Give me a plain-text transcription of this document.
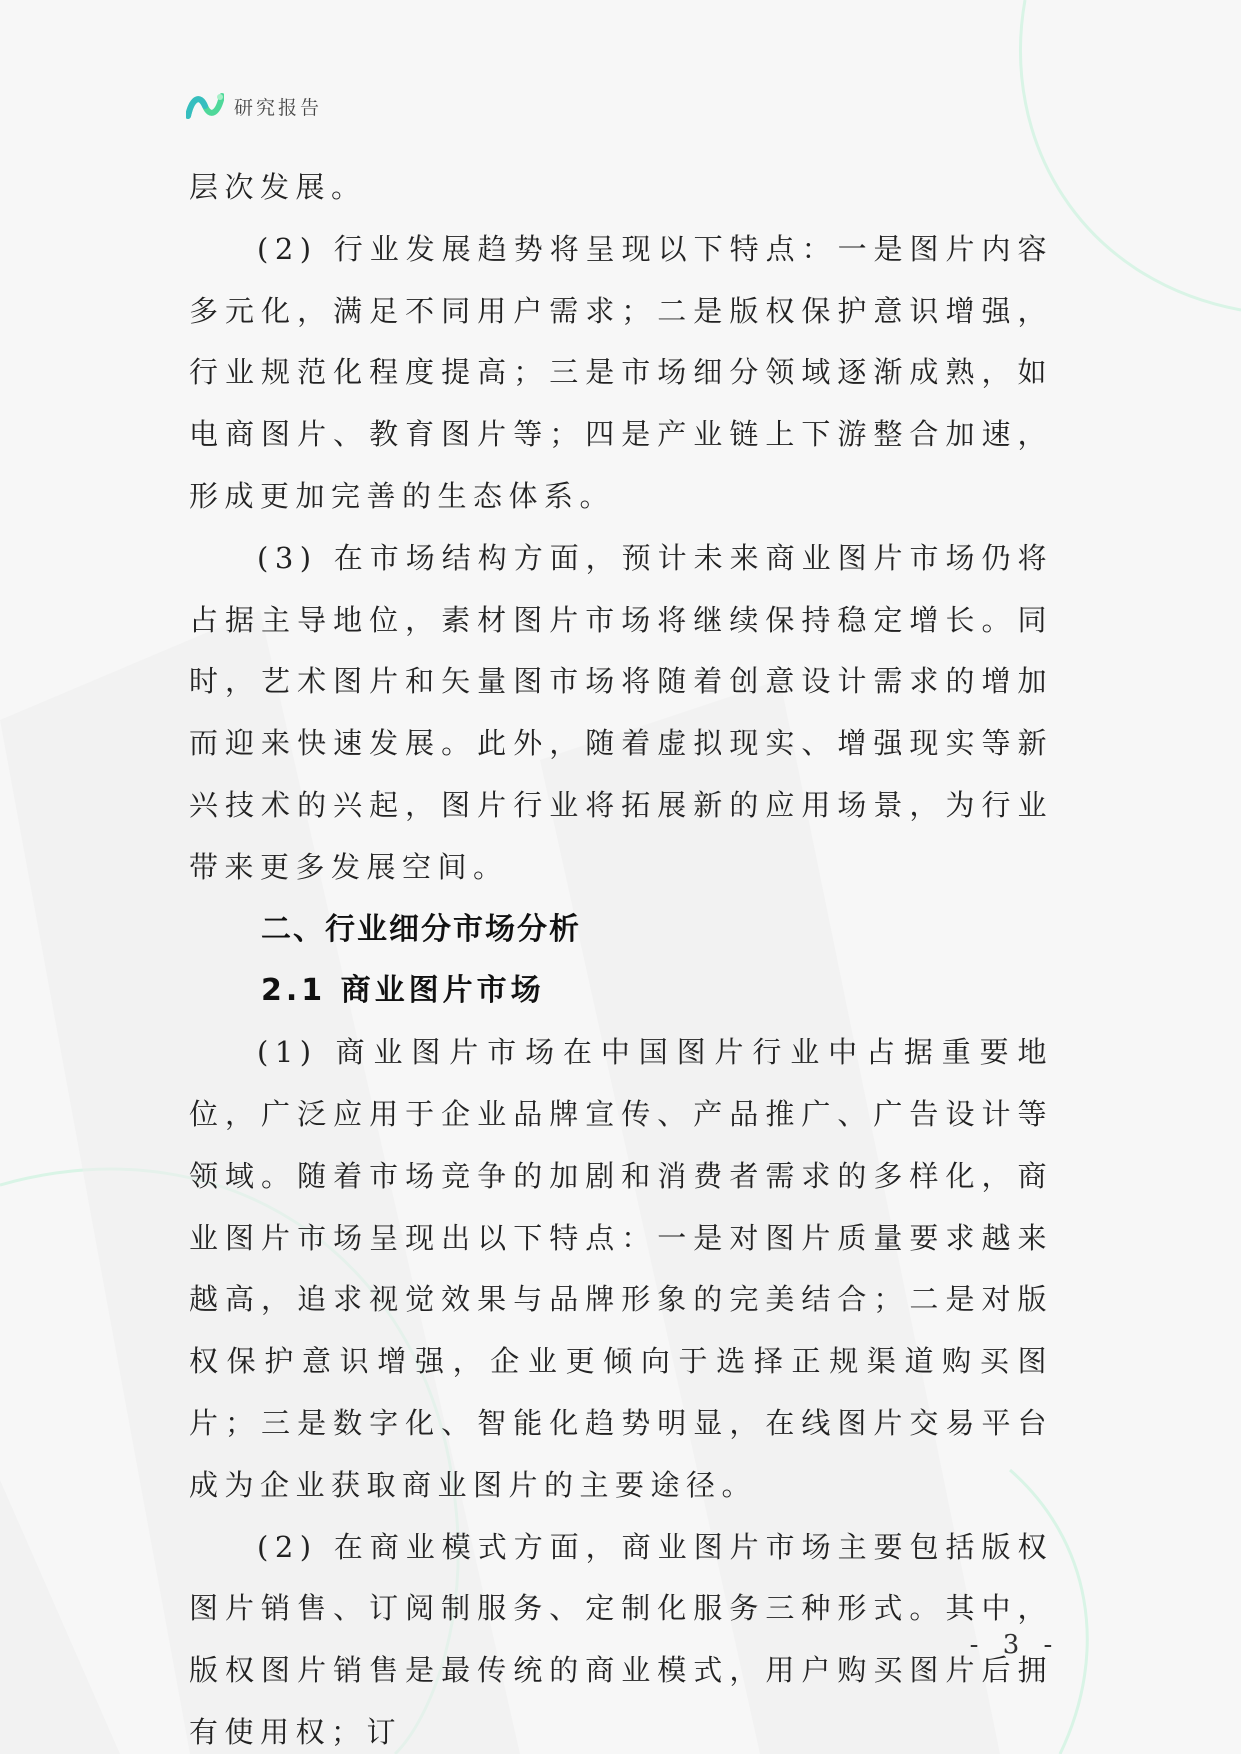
研究报告

层次发展。

(2) 行业发展趋势将呈现以下特点：一是图片内容多元化，满足不同用户需求；二是版权保护意识增强，行业规范化程度提高；三是市场细分领域逐渐成熟，如电商图片、教育图片等；四是产业链上下游整合加速，形成更加完善的生态体系。

(3) 在市场结构方面，预计未来商业图片市场仍将占据主导地位，素材图片市场将继续保持稳定增长。同时，艺术图片和矢量图市场将随着创意设计需求的增加而迎来快速发展。此外，随着虚拟现实、增强现实等新兴技术的兴起，图片行业将拓展新的应用场景，为行业带来更多发展空间。

二、行业细分市场分析
2.1 商业图片市场

(1) 商业图片市场在中国图片行业中占据重要地位，广泛应用于企业品牌宣传、产品推广、广告设计等领域。随着市场竞争的加剧和消费者需求的多样化，商业图片市场呈现出以下特点：一是对图片质量要求越来越高，追求视觉效果与品牌形象的完美结合；二是对版权保护意识增强，企业更倾向于选择正规渠道购买图片；三是数字化、智能化趋势明显，在线图片交易平台成为企业获取商业图片的主要途径。

(2) 在商业模式方面，商业图片市场主要包括版权图片销售、订阅制服务、定制化服务三种形式。其中，版权图片销售是最传统的商业模式，用户购买图片后拥有使用权；订

- 3 -
